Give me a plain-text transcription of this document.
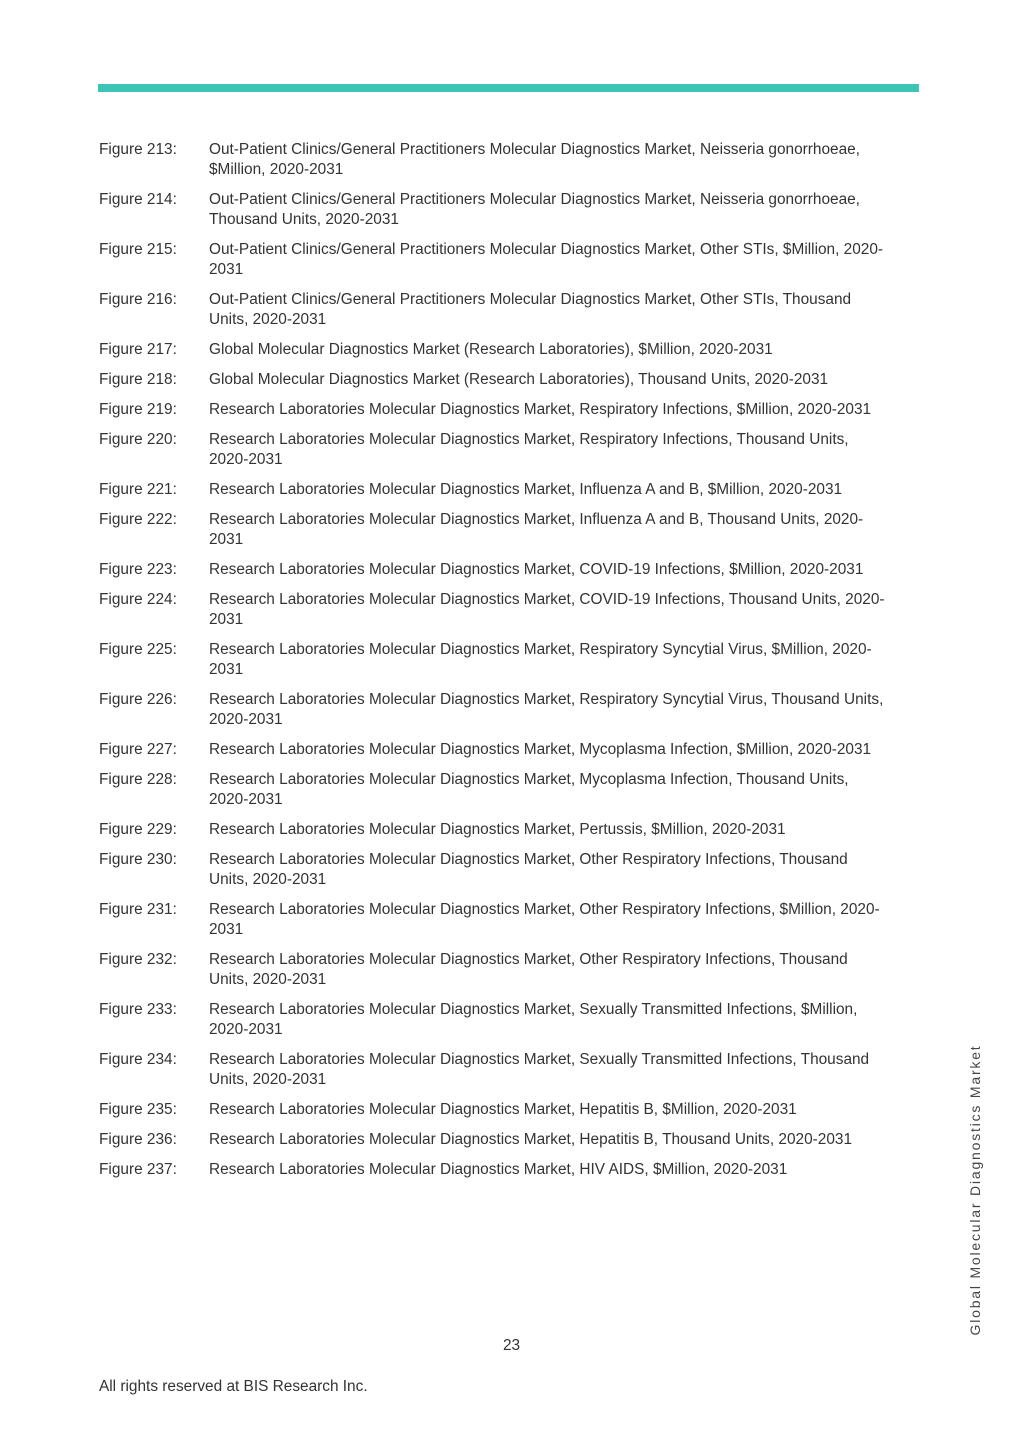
Figure 213:	Out-Patient Clinics/General Practitioners Molecular Diagnostics Market, Neisseria gonorrhoeae, $Million, 2020-2031
Figure 214:	Out-Patient Clinics/General Practitioners Molecular Diagnostics Market, Neisseria gonorrhoeae, Thousand Units, 2020-2031
Figure 215:	Out-Patient Clinics/General Practitioners Molecular Diagnostics Market, Other STIs, $Million, 2020-2031
Figure 216:	Out-Patient Clinics/General Practitioners Molecular Diagnostics Market, Other STIs, Thousand Units, 2020-2031
Figure 217:	Global Molecular Diagnostics Market (Research Laboratories), $Million, 2020-2031
Figure 218:	Global Molecular Diagnostics Market (Research Laboratories), Thousand Units, 2020-2031
Figure 219:	Research Laboratories Molecular Diagnostics Market, Respiratory Infections, $Million, 2020-2031
Figure 220:	Research Laboratories Molecular Diagnostics Market, Respiratory Infections, Thousand Units, 2020-2031
Figure 221:	Research Laboratories Molecular Diagnostics Market, Influenza A and B, $Million, 2020-2031
Figure 222:	Research Laboratories Molecular Diagnostics Market, Influenza A and B, Thousand Units, 2020-2031
Figure 223:	Research Laboratories Molecular Diagnostics Market, COVID-19 Infections, $Million, 2020-2031
Figure 224:	Research Laboratories Molecular Diagnostics Market, COVID-19 Infections, Thousand Units, 2020-2031
Figure 225:	Research Laboratories Molecular Diagnostics Market, Respiratory Syncytial Virus, $Million, 2020-2031
Figure 226:	Research Laboratories Molecular Diagnostics Market, Respiratory Syncytial Virus, Thousand Units, 2020-2031
Figure 227:	Research Laboratories Molecular Diagnostics Market, Mycoplasma Infection, $Million, 2020-2031
Figure 228:	Research Laboratories Molecular Diagnostics Market, Mycoplasma Infection, Thousand Units, 2020-2031
Figure 229:	Research Laboratories Molecular Diagnostics Market, Pertussis, $Million, 2020-2031
Figure 230:	Research Laboratories Molecular Diagnostics Market, Other Respiratory Infections, Thousand Units, 2020-2031
Figure 231:	Research Laboratories Molecular Diagnostics Market, Other Respiratory Infections, $Million, 2020-2031
Figure 232:	Research Laboratories Molecular Diagnostics Market, Other Respiratory Infections, Thousand Units, 2020-2031
Figure 233:	Research Laboratories Molecular Diagnostics Market, Sexually Transmitted Infections, $Million, 2020-2031
Figure 234:	Research Laboratories Molecular Diagnostics Market, Sexually Transmitted Infections, Thousand Units, 2020-2031
Figure 235:	Research Laboratories Molecular Diagnostics Market, Hepatitis B, $Million, 2020-2031
Figure 236:	Research Laboratories Molecular Diagnostics Market, Hepatitis B, Thousand Units, 2020-2031
Figure 237:	Research Laboratories Molecular Diagnostics Market, HIV AIDS, $Million, 2020-2031	Global Molecular Diagnostics Market
23
All rights reserved at BIS Research Inc.
